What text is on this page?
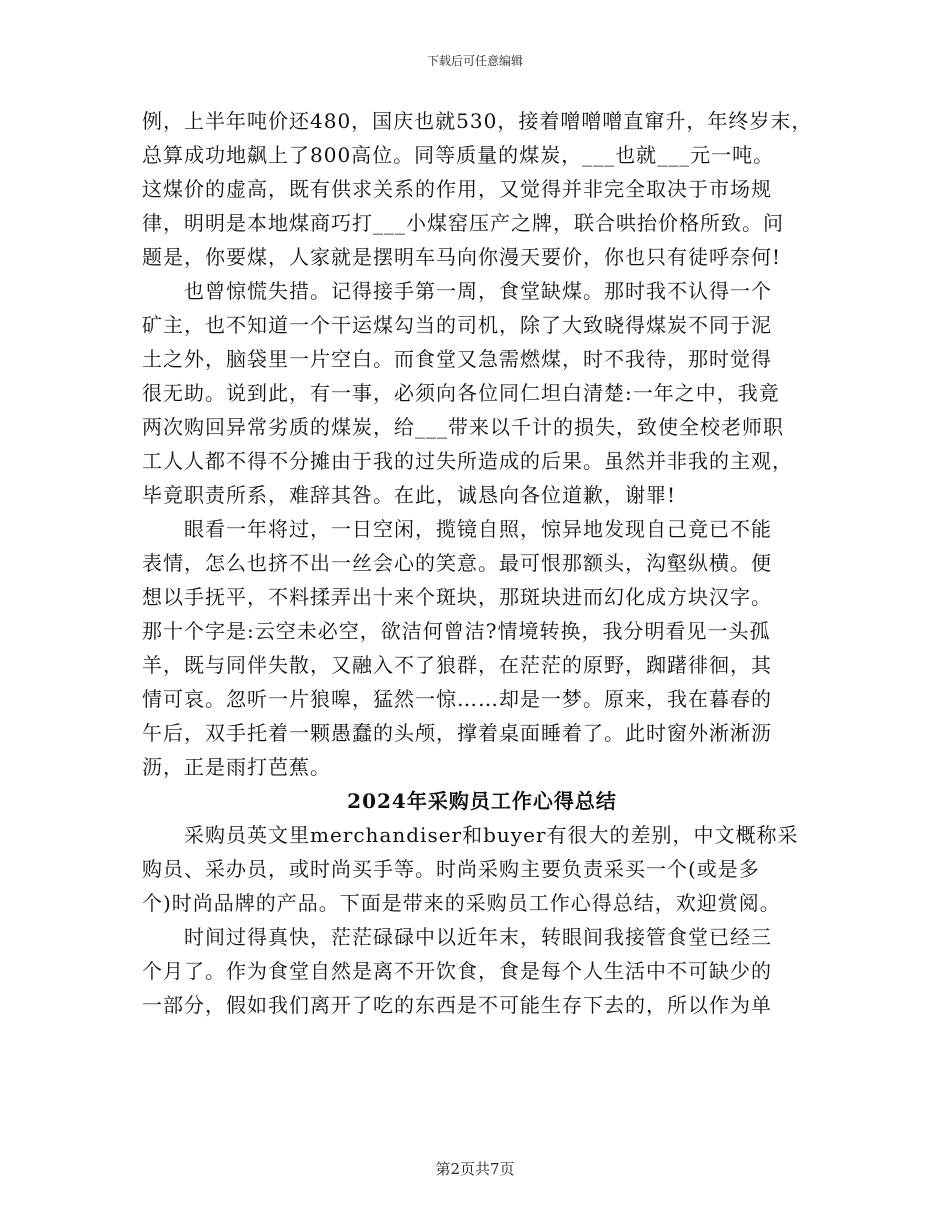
下载后可任意编辑
例，上半年吨价还480，国庆也就530，接着噌噌噌直窜升，年终岁末，
总算成功地飙上了800高位。同等质量的煤炭，___也就___元一吨。
这煤价的虚高，既有供求关系的作用，又觉得并非完全取决于市场规
律，明明是本地煤商巧打___小煤窑压产之牌，联合哄抬价格所致。问
题是，你要煤，人家就是摆明车马向你漫天要价，你也只有徒呼奈何!
也曾惊慌失措。记得接手第一周，食堂缺煤。那时我不认得一个
矿主，也不知道一个干运煤勾当的司机，除了大致晓得煤炭不同于泥
土之外，脑袋里一片空白。而食堂又急需燃煤，时不我待，那时觉得
很无助。说到此，有一事，必须向各位同仁坦白清楚:一年之中，我竟
两次购回异常劣质的煤炭，给___带来以千计的损失，致使全校老师职
工人人都不得不分摊由于我的过失所造成的后果。虽然并非我的主观，
毕竟职责所系，难辞其咎。在此，诚恳向各位道歉，谢罪!
眼看一年将过，一日空闲，揽镜自照，惊异地发现自己竟已不能
表情，怎么也挤不出一丝会心的笑意。最可恨那额头，沟壑纵横。便
想以手抚平，不料揉弄出十来个斑块，那斑块进而幻化成方块汉字。
那十个字是:云空未必空，欲洁何曾洁?情境转换，我分明看见一头孤
羊，既与同伴失散，又融入不了狼群，在茫茫的原野，踟躇徘徊，其
情可哀。忽听一片狼嗥，猛然一惊……却是一梦。原来，我在暮春的
午后，双手托着一颗愚蠢的头颅，撑着桌面睡着了。此时窗外淅淅沥
沥，正是雨打芭蕉。
2024年采购员工作心得总结
采购员英文里merchandiser和buyer有很大的差别，中文概称采
购员、采办员，或时尚买手等。时尚采购主要负责采买一个(或是多
个)时尚品牌的产品。下面是带来的采购员工作心得总结，欢迎赏阅。
时间过得真快，茫茫碌碌中以近年末，转眼间我接管食堂已经三
个月了。作为食堂自然是离不开饮食，食是每个人生活中不可缺少的
一部分，假如我们离开了吃的东西是不可能生存下去的，所以作为单
第2页共7页
